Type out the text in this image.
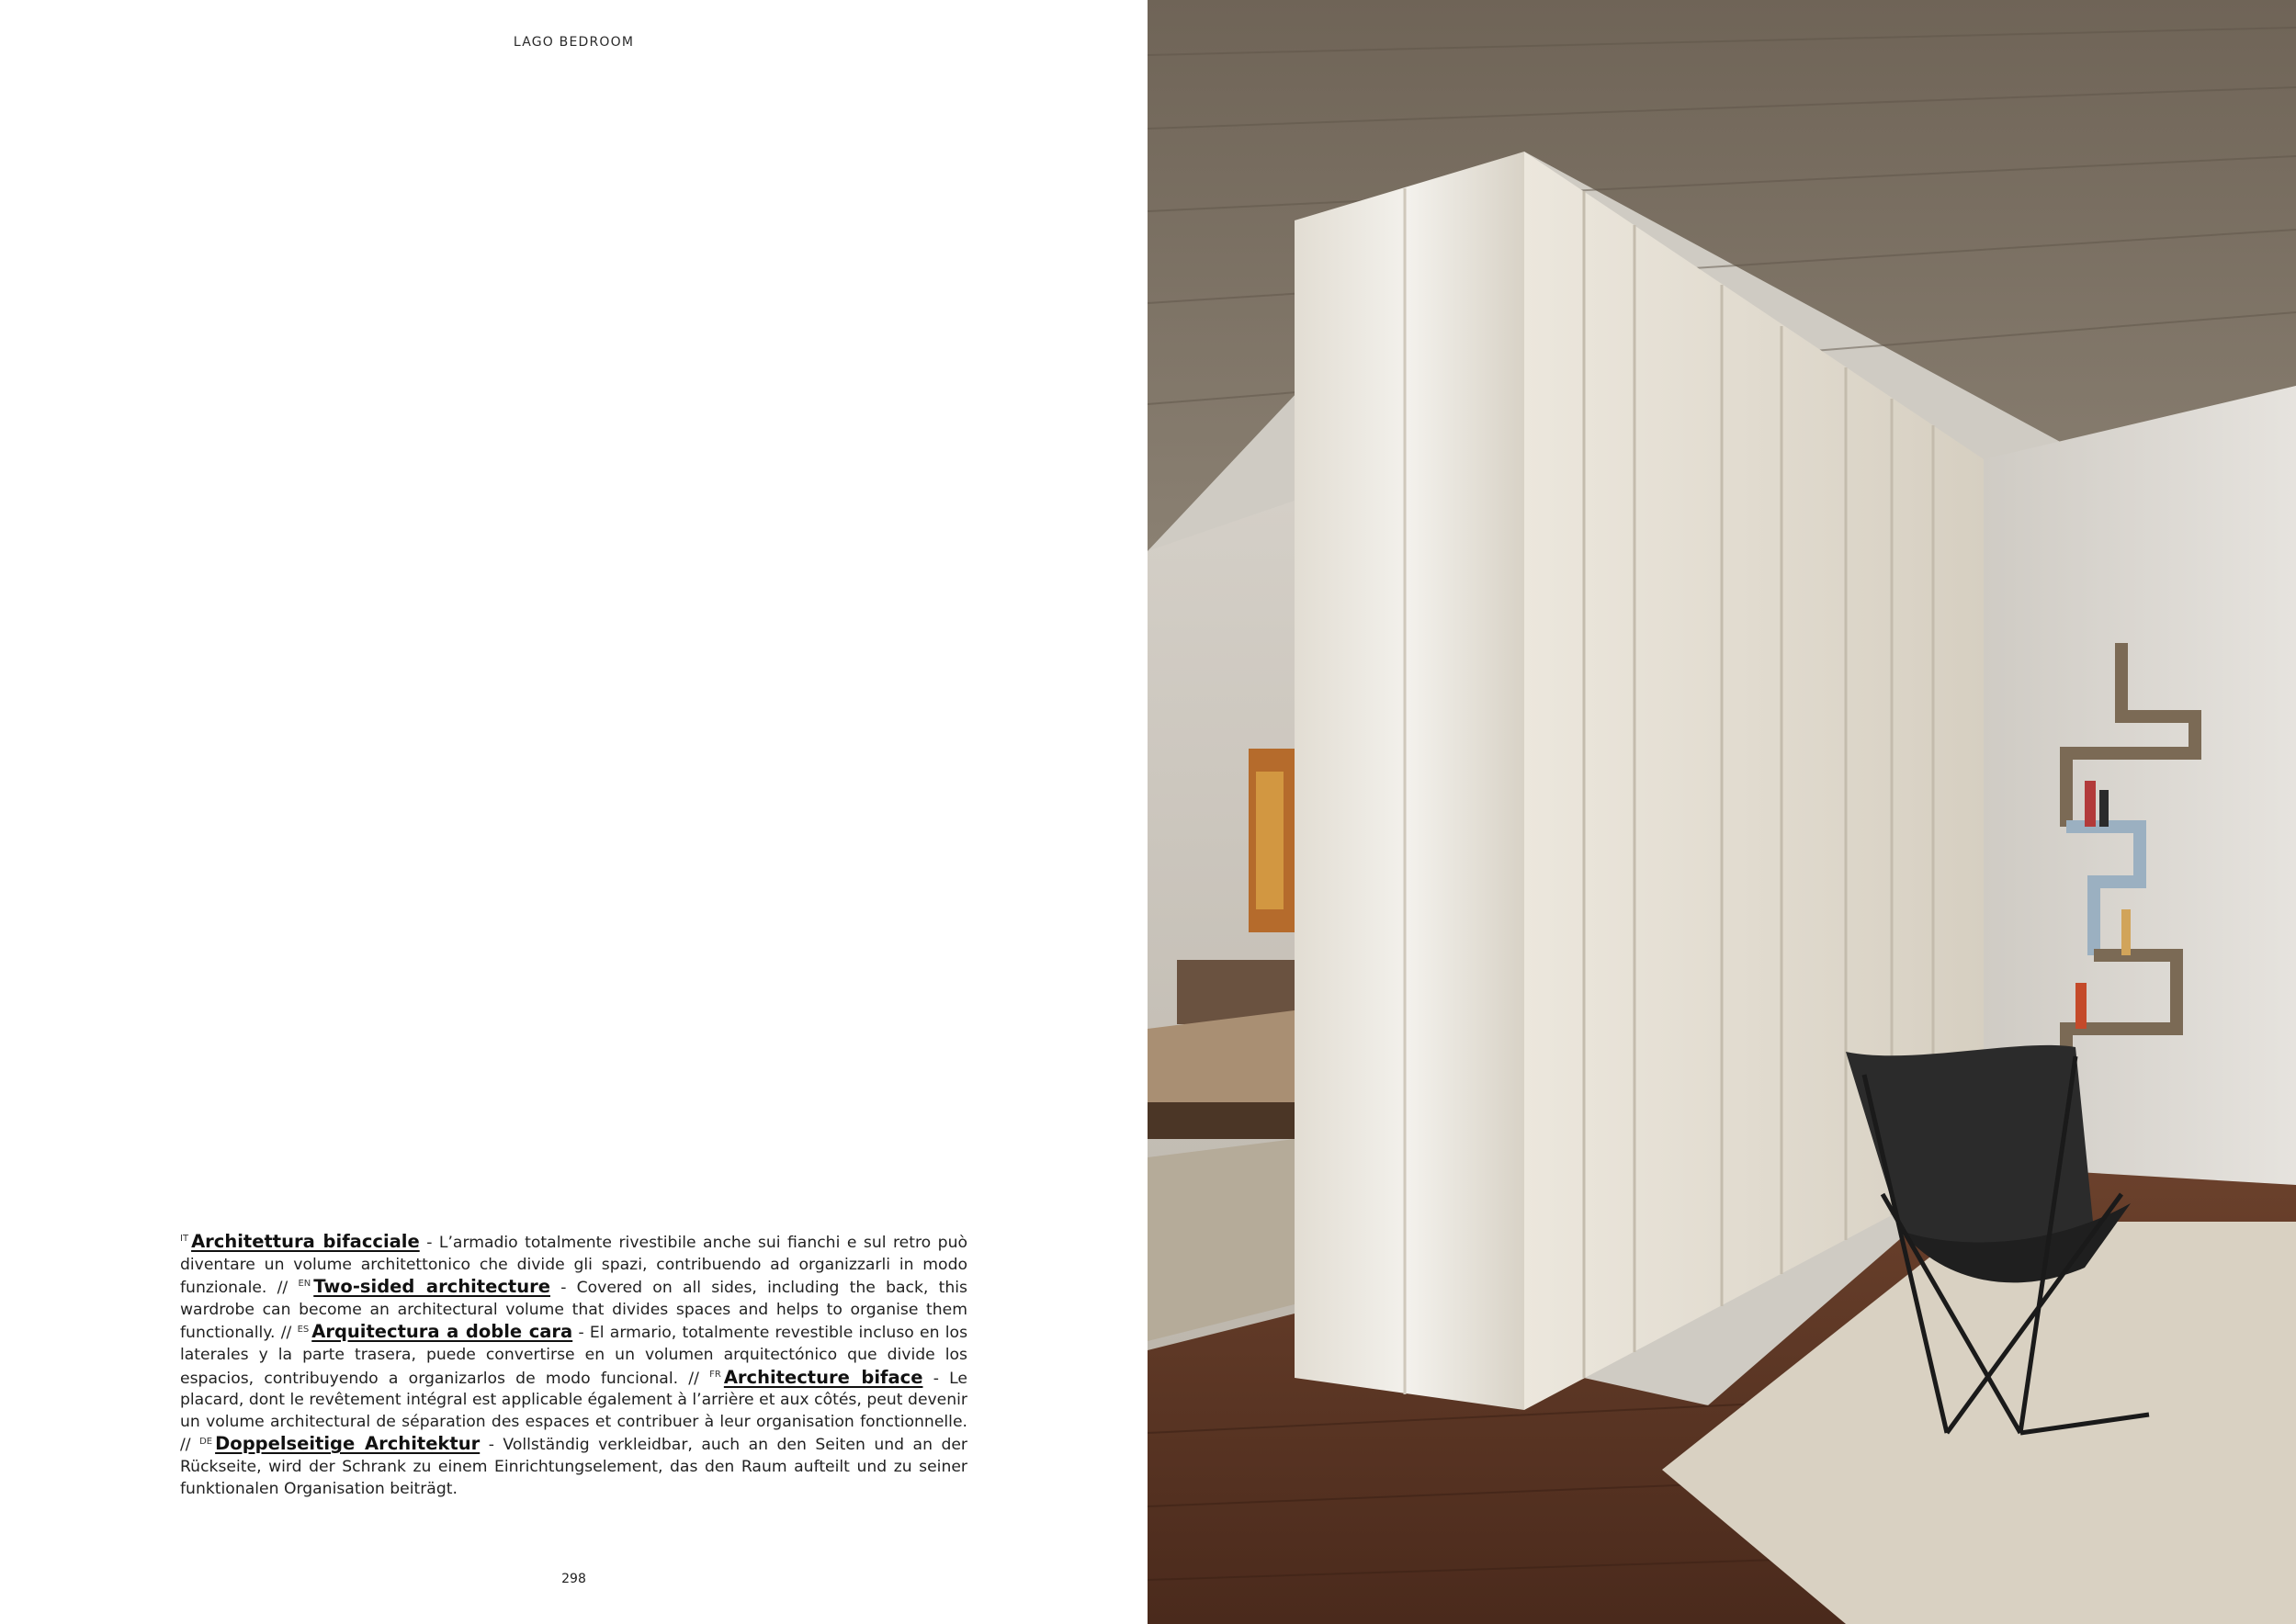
LAGO BEDROOM
$^{IT}$ Architettura bifacciale - L’armadio totalmente rivestibile anche sui fianchi e sul retro può diventare un volume architettonico che divide gli spazi, contribuendo ad organizzarli in modo funzionale. // $^{EN}$ Two-sided architecture - Covered on all sides, including the back, this wardrobe can become an architectural volume that divides spaces and helps to organise them functionally. // $^{ES}$ Arquitectura a doble cara - El armario, totalmente revestible incluso en los laterales y la parte trasera, puede convertirse en un volumen arquitectónico que divide los espacios, contribuyendo a organizarlos de modo funcional. // $^{FR}$ Architecture biface - Le placard, dont le revêtement intégral est applicable également à l’arrière et aux côtés, peut devenir un volume architectural de séparation des espaces et contribuer à leur organisation fonctionnelle. // $^{DE}$ Doppelseitige Architektur - Vollständig verkleidbar, auch an den Seiten und an der Rückseite, wird der Schrank zu einem Einrichtungselement, das den Raum aufteilt und zu seiner funktionalen Organisation beiträgt.
298
